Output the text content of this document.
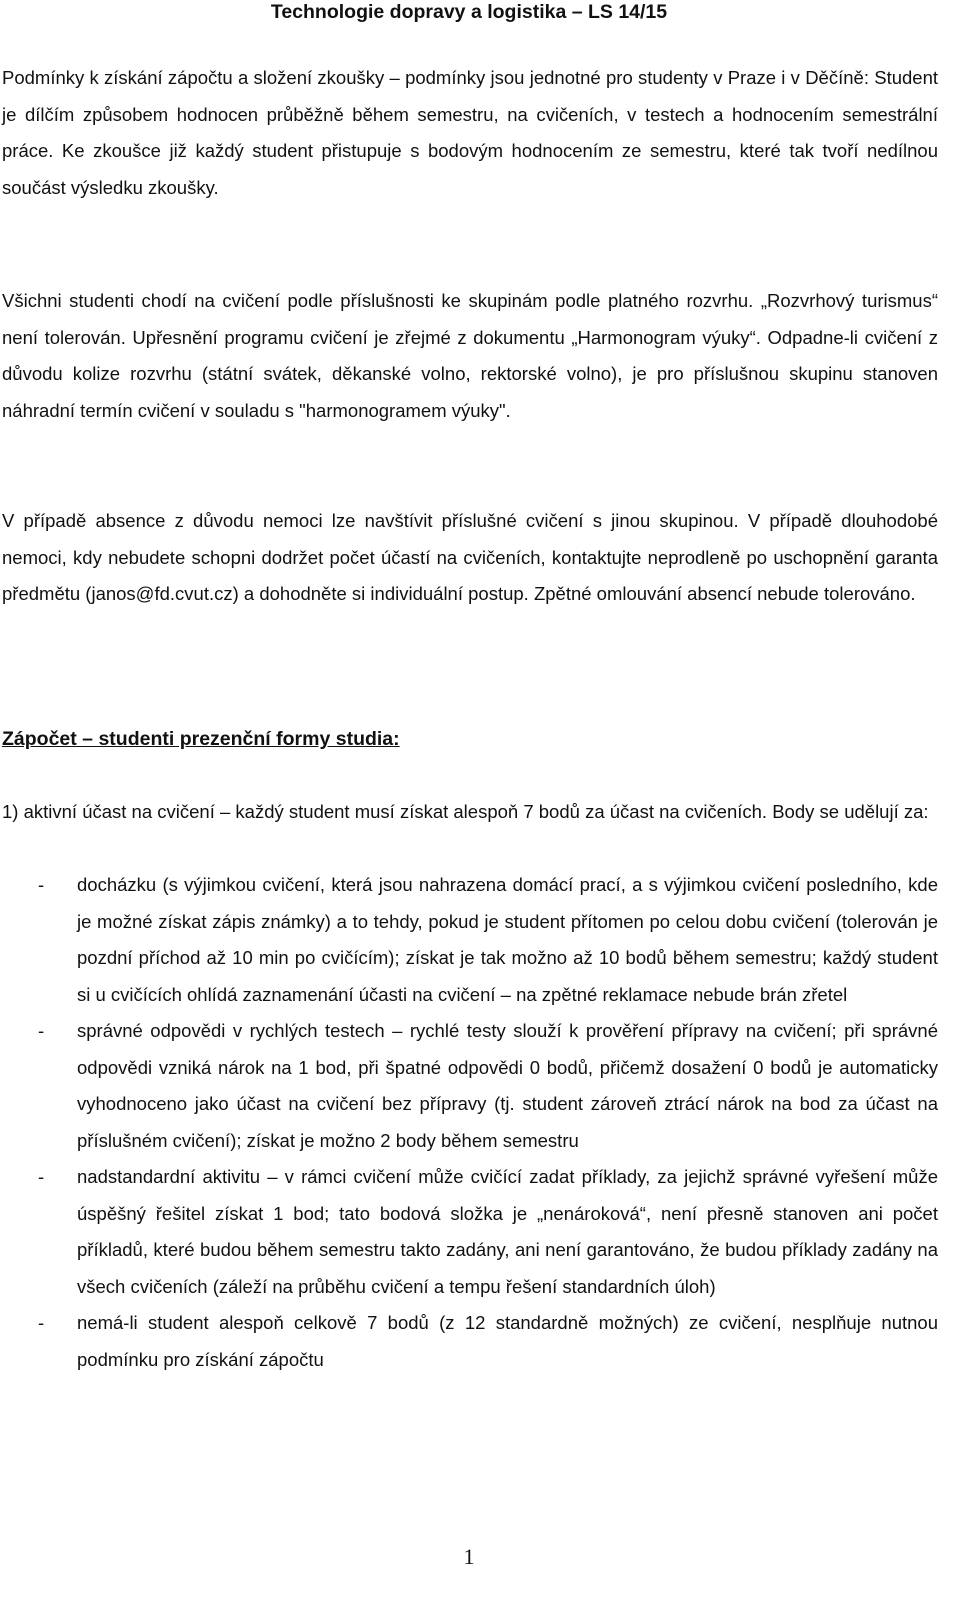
Technologie dopravy a logistika – LS 14/15

Podmínky k získání zápočtu a složení zkoušky – podmínky jsou jednotné pro studenty v Praze i v Děčíně: Student je dílčím způsobem hodnocen průběžně během semestru, na cvičeních, v testech a hodnocením semestrální práce. Ke zkoušce již každý student přistupuje s bodovým hodnocením ze semestru, které tak tvoří nedílnou součást výsledku zkoušky.

Všichni studenti chodí na cvičení podle příslušnosti ke skupinám podle platného rozvrhu. „Rozvrhový turismus“ není tolerován. Upřesnění programu cvičení je zřejmé z dokumentu „Harmonogram výuky“. Odpadne-li cvičení z důvodu kolize rozvrhu (státní svátek, děkanské volno, rektorské volno), je pro příslušnou skupinu stanoven náhradní termín cvičení v souladu s "harmonogramem výuky".

V případě absence z důvodu nemoci lze navštívit příslušné cvičení s jinou skupinou. V případě dlouhodobé nemoci, kdy nebudete schopni dodržet počet účastí na cvičeních, kontaktujte neprodleně po uschopnění garanta předmětu (janos@fd.cvut.cz) a dohodněte si individuální postup. Zpětné omlouvání absencí nebude tolerováno.

Zápočet – studenti prezenční formy studia:

1) aktivní účast na cvičení – každý student musí získat alespoň 7 bodů za účast na cvičeních. Body se udělují za:

-	docházku (s výjimkou cvičení, která jsou nahrazena domácí prací, a s výjimkou cvičení posledního, kde je možné získat zápis známky) a to tehdy, pokud je student přítomen po celou dobu cvičení (tolerován je pozdní příchod až 10 min po cvičícím); získat je tak možno až 10 bodů během semestru; každý student si u cvičících ohlídá zaznamenání účasti na cvičení – na zpětné reklamace nebude brán zřetel
-	správné odpovědi v rychlých testech – rychlé testy slouží k prověření přípravy na cvičení; při správné odpovědi vzniká nárok na 1 bod, při špatné odpovědi 0 bodů, přičemž dosažení 0 bodů je automaticky vyhodnoceno jako účast na cvičení bez přípravy (tj. student zároveň ztrácí nárok na bod za účast na příslušném cvičení); získat je možno 2 body během semestru
-	nadstandardní aktivitu – v rámci cvičení může cvičící zadat příklady, za jejichž správné vyřešení může úspěšný řešitel získat 1 bod; tato bodová složka je „nenároková“, není přesně stanoven ani počet příkladů, které budou během semestru takto zadány, ani není garantováno, že budou příklady zadány na všech cvičeních (záleží na průběhu cvičení a tempu řešení standardních úloh)
-	nemá-li student alespoň celkově 7 bodů (z 12 standardně možných) ze cvičení, nesplňuje nutnou podmínku pro získání zápočtu
1
